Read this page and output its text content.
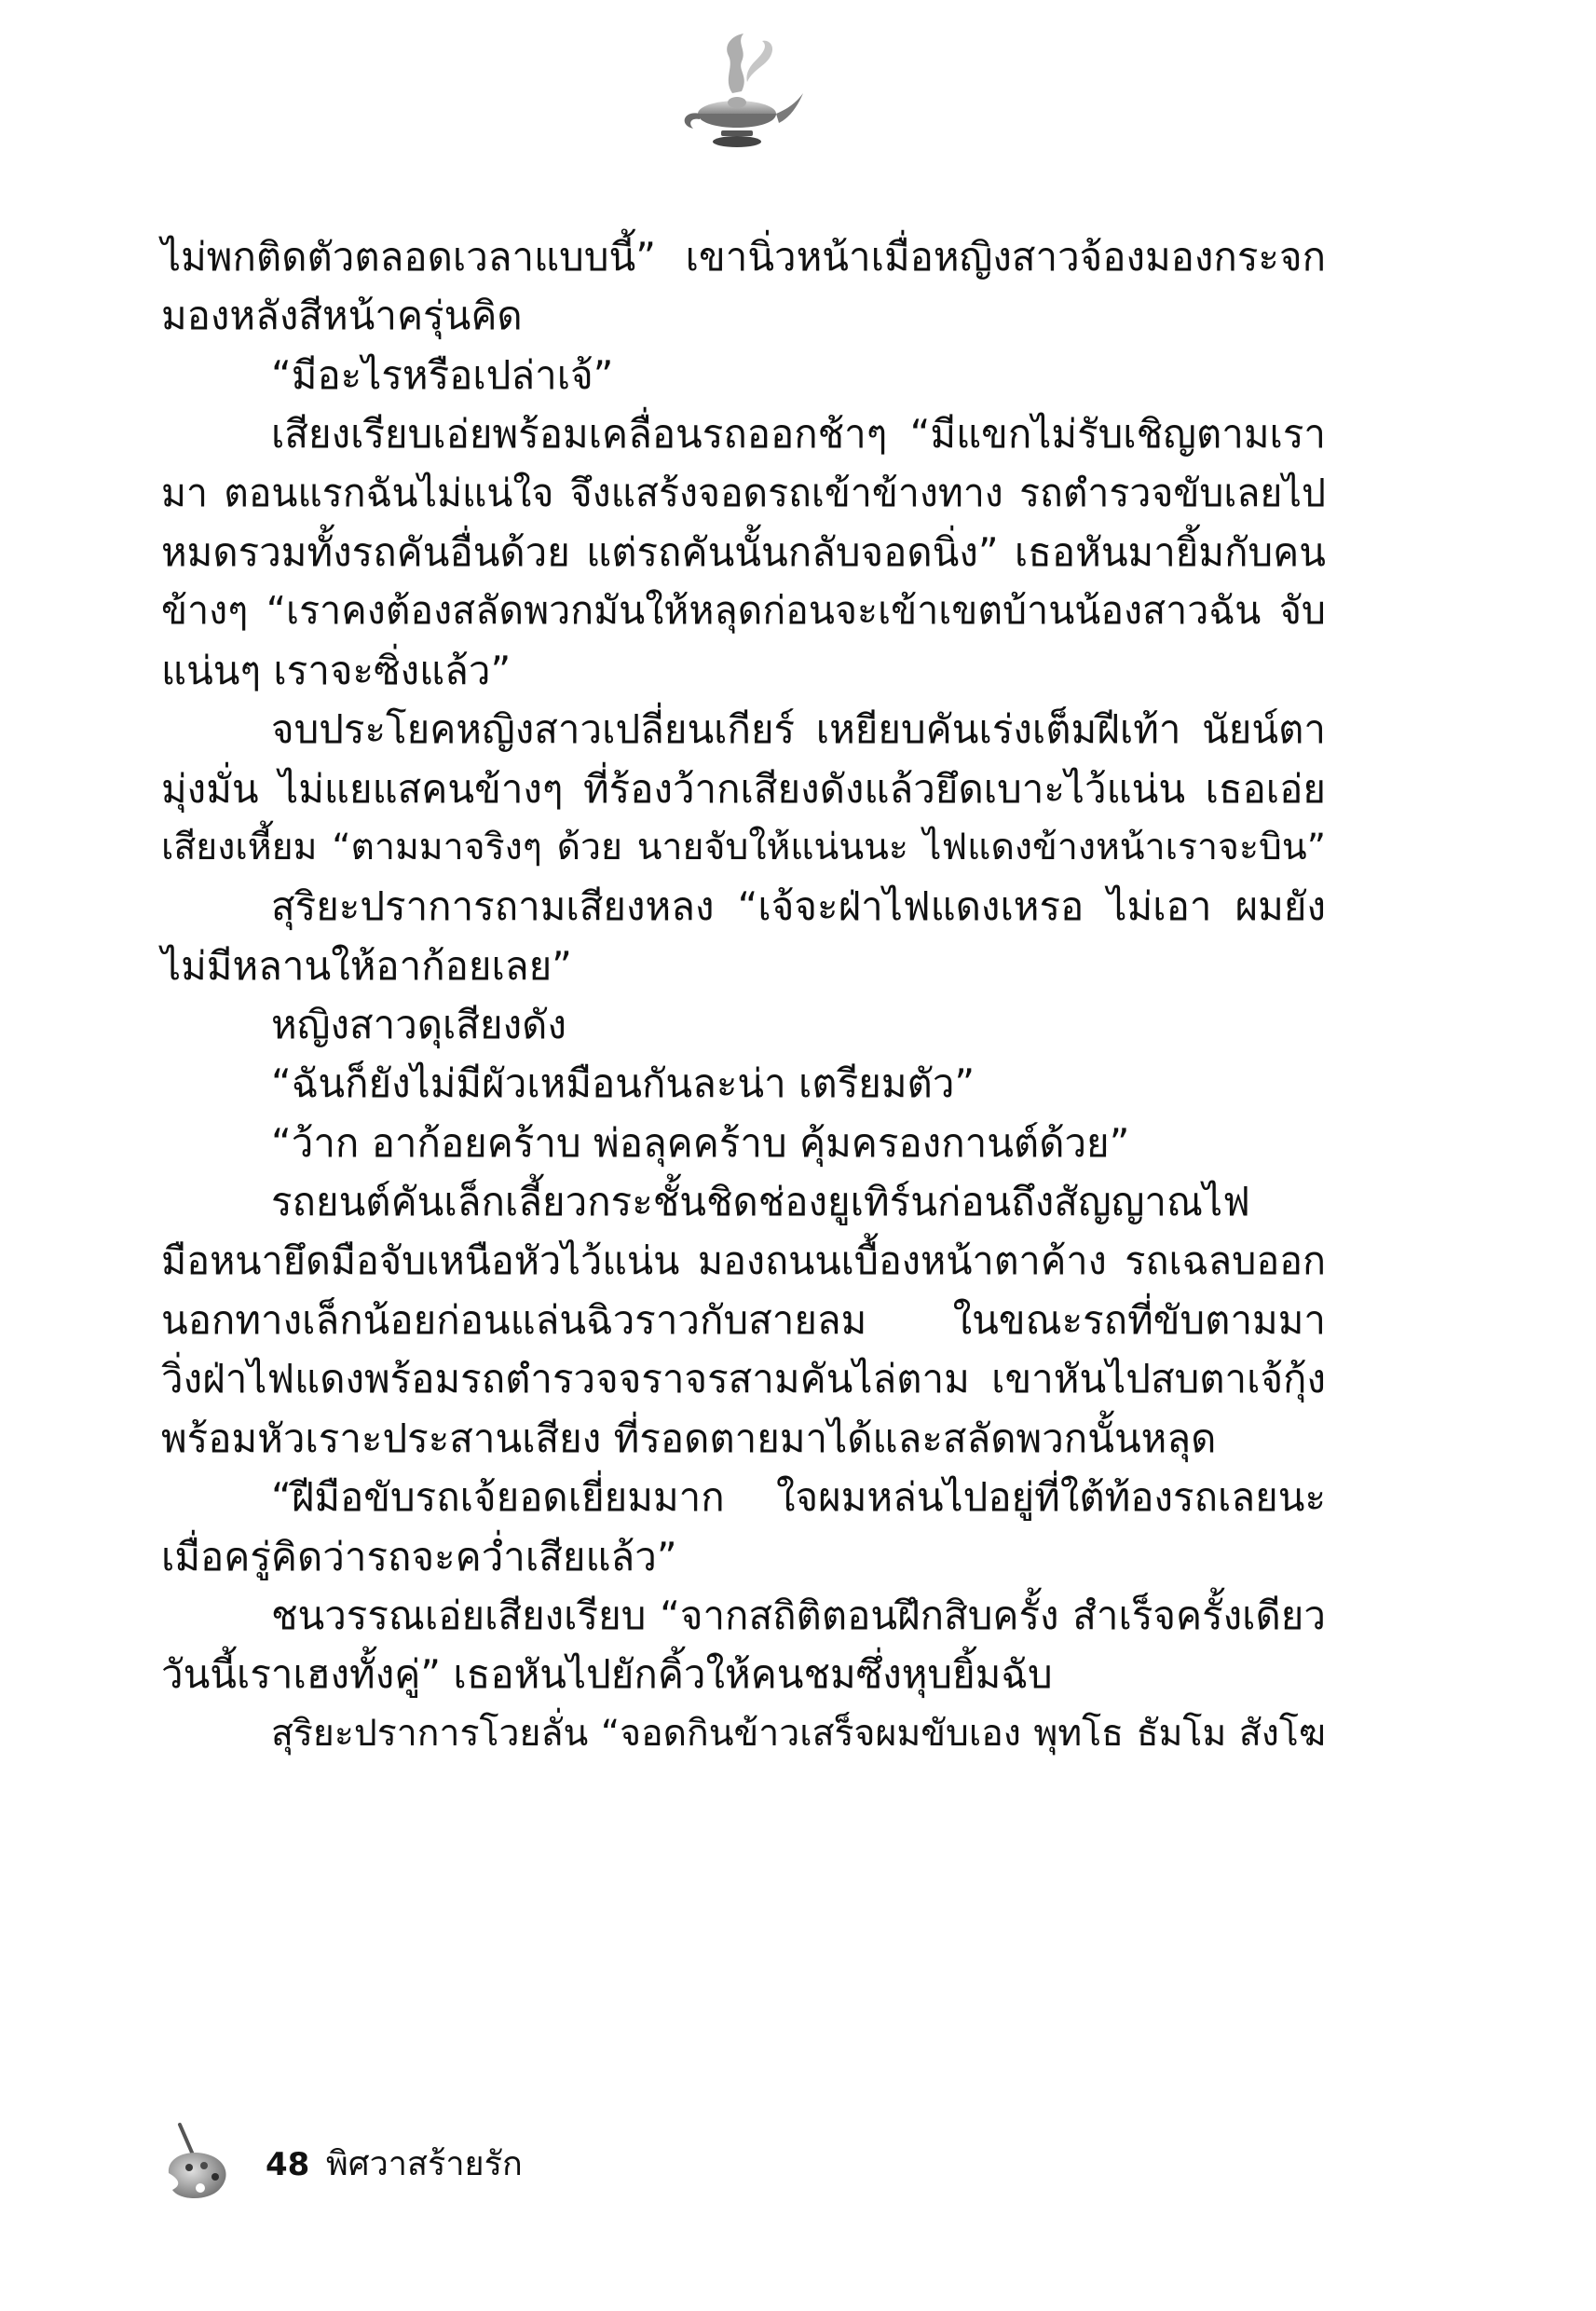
ไม่พกติดตัวตลอดเวลาแบบนี้” เขานิ่วหน้าเมื่อหญิงสาวจ้องมองกระจก
มองหลังสีหน้าครุ่นคิด
“มีอะไรหรือเปล่าเจ้”
เสียงเรียบเอ่ยพร้อมเคลื่อนรถออกช้าๆ “มีแขกไม่รับเชิญตามเรา
มา ตอนแรกฉันไม่แน่ใจ จึงแสร้งจอดรถเข้าข้างทาง รถตำรวจขับเลยไป
หมดรวมทั้งรถคันอื่นด้วย แต่รถคันนั้นกลับจอดนิ่ง” เธอหันมายิ้มกับคน
ข้างๆ “เราคงต้องสลัดพวกมันให้หลุดก่อนจะเข้าเขตบ้านน้องสาวฉัน จับ
แน่นๆ เราจะซิ่งแล้ว”
จบประโยคหญิงสาวเปลี่ยนเกียร์ เหยียบคันเร่งเต็มฝีเท้า นัยน์ตา
มุ่งมั่น ไม่แยแสคนข้างๆ ที่ร้องว้ากเสียงดังแล้วยึดเบาะไว้แน่น เธอเอ่ย
เสียงเหี้ยม “ตามมาจริงๆ ด้วย นายจับให้แน่นนะ ไฟแดงข้างหน้าเราจะบิน”
สุริยะปราการถามเสียงหลง “เจ้จะฝ่าไฟแดงเหรอ ไม่เอา ผมยัง
ไม่มีหลานให้อาก้อยเลย”
หญิงสาวดุเสียงดัง
“ฉันก็ยังไม่มีผัวเหมือนกันละน่า เตรียมตัว”
“ว้าก อาก้อยคร้าบ พ่อลุคคร้าบ คุ้มครองกานต์ด้วย”
รถยนต์คันเล็กเลี้ยวกระชั้นชิดช่องยูเทิร์นก่อนถึงสัญญาณไฟ
มือหนายึดมือจับเหนือหัวไว้แน่น มองถนนเบื้องหน้าตาค้าง รถเฉลบออก
นอกทางเล็กน้อยก่อนแล่นฉิวราวกับสายลม ในขณะรถที่ขับตามมา
วิ่งฝ่าไฟแดงพร้อมรถตำรวจจราจรสามคันไล่ตาม เขาหันไปสบตาเจ้กุ้ง
พร้อมหัวเราะประสานเสียง ที่รอดตายมาได้และสลัดพวกนั้นหลุด
“ฝีมือขับรถเจ้ยอดเยี่ยมมาก ใจผมหล่นไปอยู่ที่ใต้ท้องรถเลยนะ
เมื่อครู่คิดว่ารถจะคว่ำเสียแล้ว”
ชนวรรณเอ่ยเสียงเรียบ “จากสถิติตอนฝึกสิบครั้ง สำเร็จครั้งเดียว
วันนี้เราเฮงทั้งคู่” เธอหันไปยักคิ้วให้คนชมซึ่งหุบยิ้มฉับ
สุริยะปราการโวยลั่น “จอดกินข้าวเสร็จผมขับเอง พุทโธ ธัมโม สังโฆ
48 พิศวาสร้ายรัก
